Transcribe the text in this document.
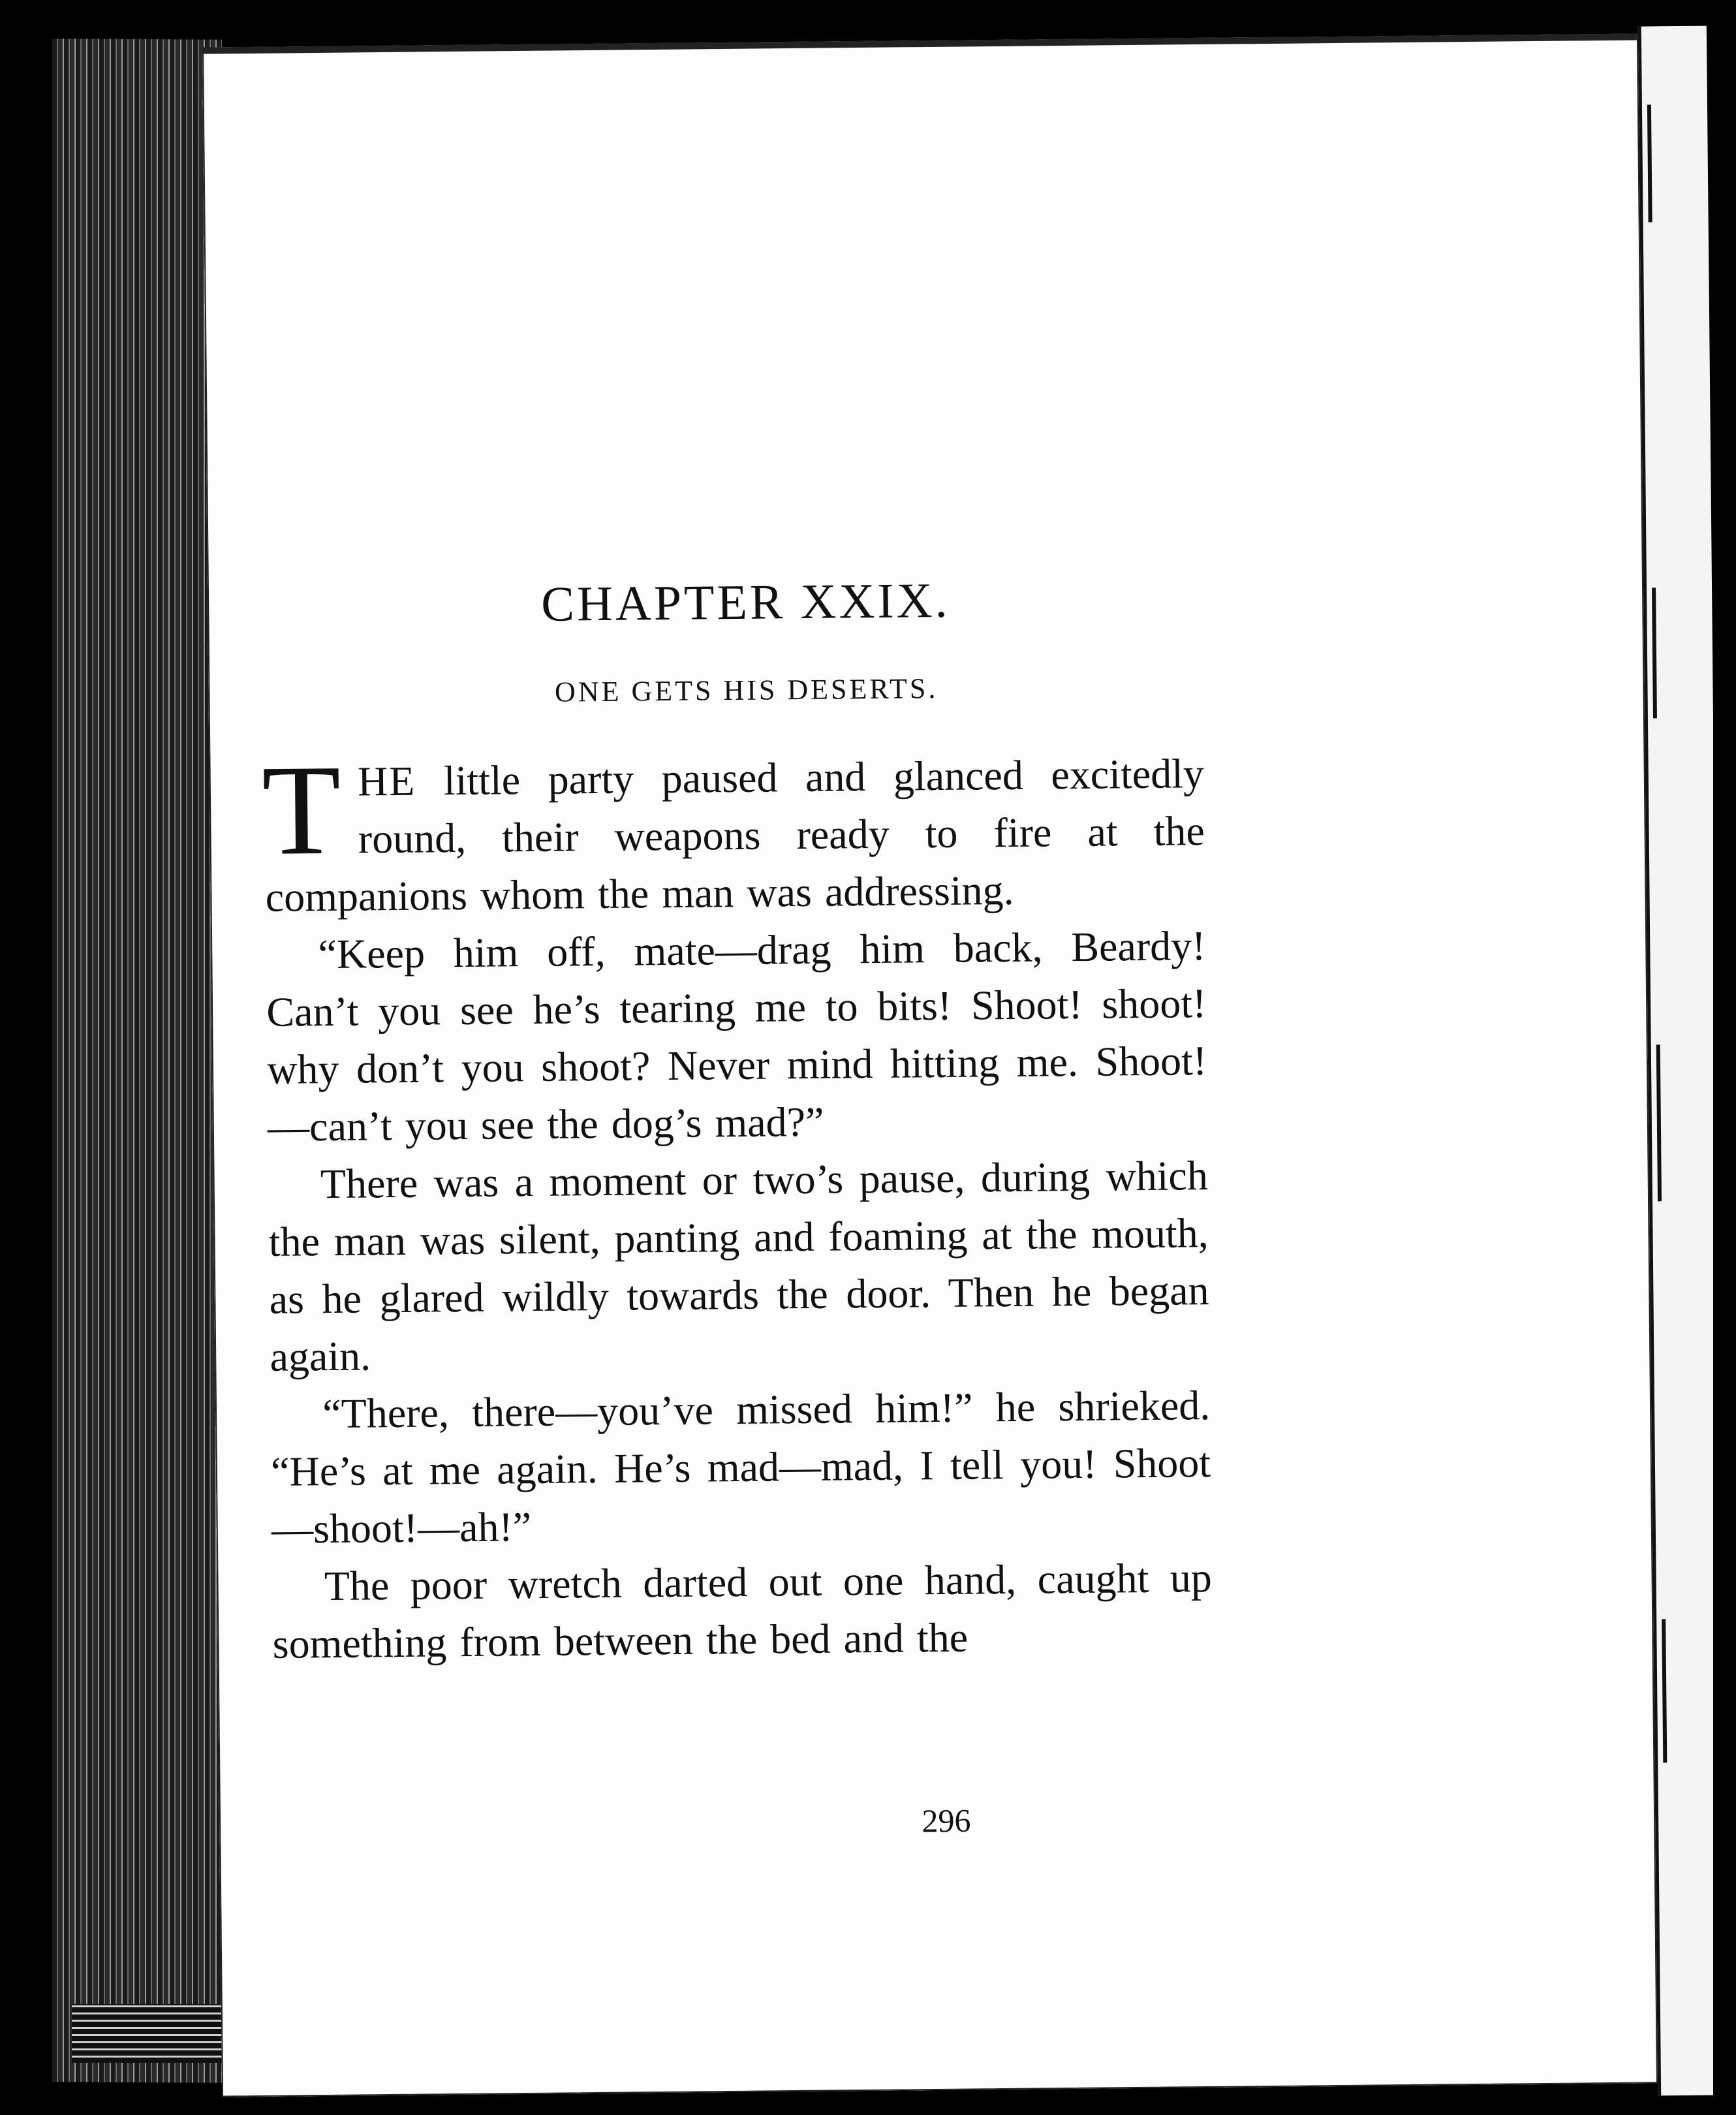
CHAPTER XXIX.
ONE GETS HIS DESERTS.

THE little party paused and glanced excitedly round, their weapons ready to fire at the companions whom the man was addressing.

“Keep him off, mate—drag him back, Beardy! Can’t you see he’s tearing me to bits! Shoot! shoot! why don’t you shoot? Never mind hitting me. Shoot!—can’t you see the dog’s mad?”

There was a moment or two’s pause, during which the man was silent, panting and foaming at the mouth, as he glared wildly towards the door. Then he began again.

“There, there—you’ve missed him!” he shrieked. “He’s at me again. He’s mad—mad, I tell you! Shoot—shoot!—ah!”

The poor wretch darted out one hand, caught up something from between the bed and the

296
